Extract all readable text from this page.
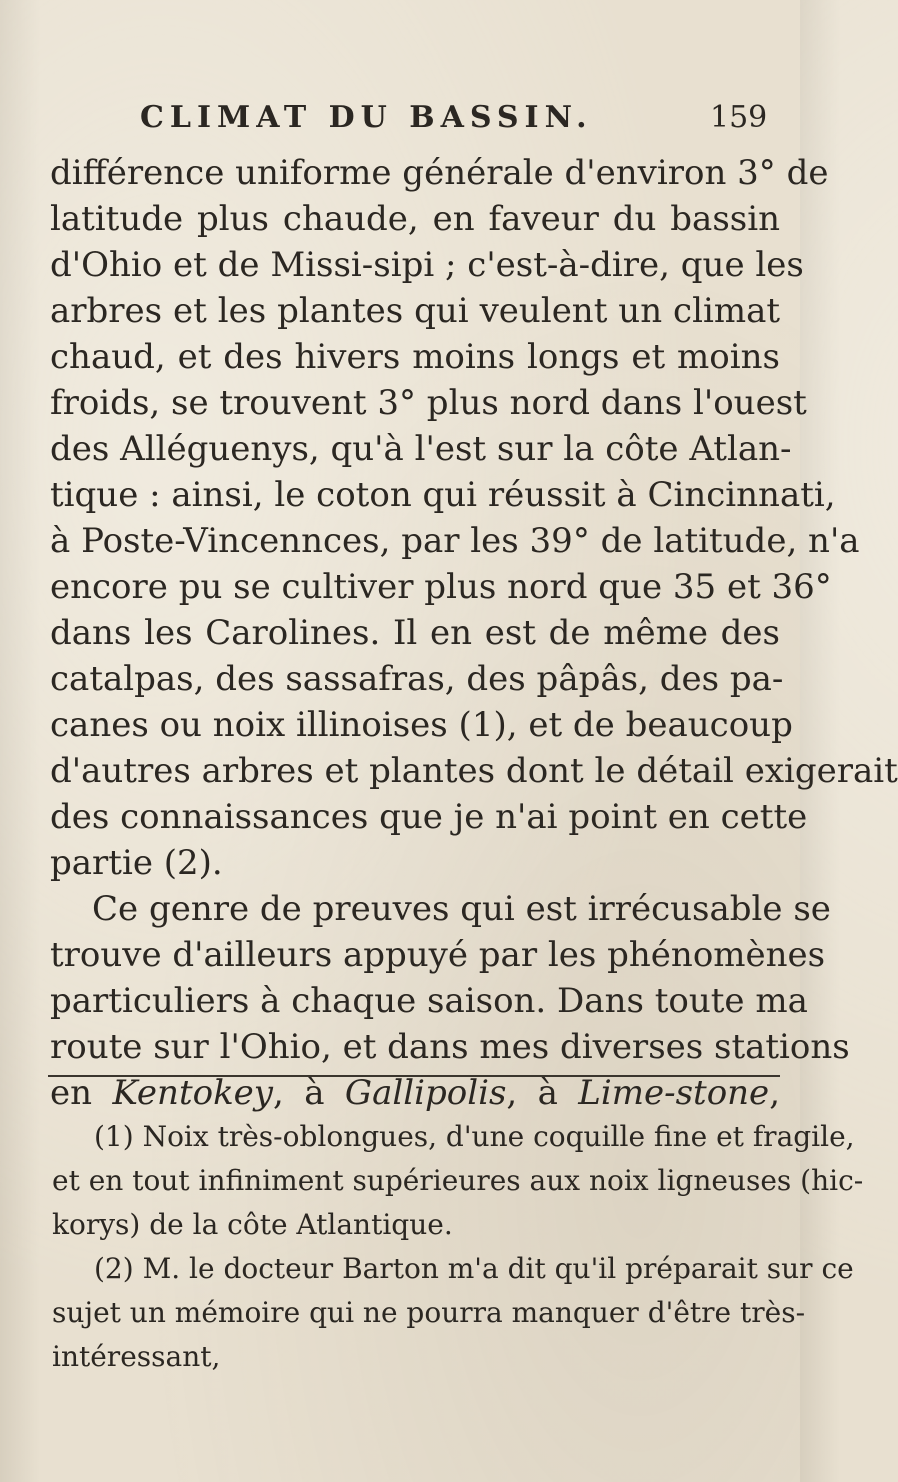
CLIMAT DU BASSIN.	159
différence uniforme générale d'environ 3° de
latitude plus chaude, en faveur du bassin
d'Ohio et de Missi-sipi ; c'est-à-dire, que les
arbres et les plantes qui veulent un climat
chaud, et des hivers moins longs et moins
froids, se trouvent 3° plus nord dans l'ouest
des Alléguenys, qu'à l'est sur la côte Atlan-
tique : ainsi, le coton qui réussit à Cincinnati,
à Poste-Vincennces, par les 39° de latitude, n'a
encore pu se cultiver plus nord que 35 et 36°
dans les Carolines. Il en est de même des
catalpas, des sassafras, des pâpâs, des pa-
canes ou noix illinoises (1), et de beaucoup
d'autres arbres et plantes dont le détail exigerait
des connaissances que je n'ai point en cette
partie (2).
Ce genre de preuves qui est irrécusable se
trouve d'ailleurs appuyé par les phénomènes
particuliers à chaque saison. Dans toute ma
route sur l'Ohio, et dans mes diverses stations
en Kentokey, à Gallipolis, à Lime-stone,
(1) Noix très-oblongues, d'une coquille fine et fragile,
et en tout infiniment supérieures aux noix ligneuses (hic-
korys) de la côte Atlantique.
(2) M. le docteur Barton m'a dit qu'il préparait sur ce
sujet un mémoire qui ne pourra manquer d'être très-
intéressant,
